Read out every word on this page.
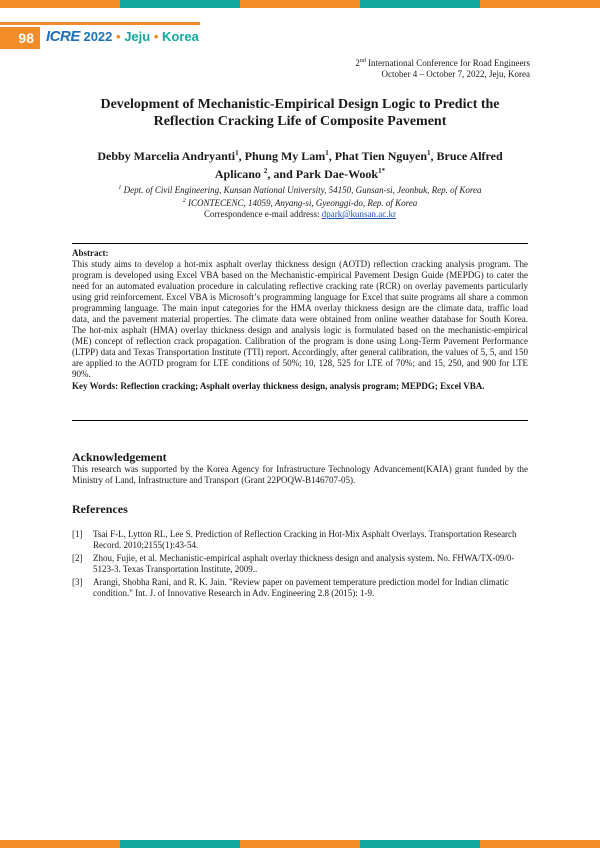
98 ICRE 2022 • Jeju • Korea
2nd International Conference for Road Engineers
October 4 – October 7, 2022, Jeju, Korea
Development of Mechanistic-Empirical Design Logic to Predict the
Reflection Cracking Life of Composite Pavement
Debby Marcelia Andryanti$^1$, Phung My Lam$^1$, Phat Tien Nguyen$^1$, Bruce Alfred Aplicano $^2$, and Park Dae-Wook$^{1*}$
$^1$ Dept. of Civil Engineering, Kunsan National University, 54150, Gunsan-si, Jeonbuk, Rep. of Korea
$^2$ ICONTECENC, 14059, Anyang-si, Gyeonggi-do, Rep. of Korea
Correspondence e-mail address: dpark@kunsan.ac.kr
Abstract:

This study aims to develop a hot-mix asphalt overlay thickness design (AOTD) reflection cracking analysis program. The program is developed using Excel VBA based on the Mechanistic-empirical Pavement Design Guide (MEPDG) to cater the need for an automated evaluation procedure in calculating reflective cracking rate (RCR) on overlay pavements particularly using grid reinforcement. Excel VBA is Microsoft’s programming language for Excel that suite programs all share a common programming language. The main input categories for the HMA overlay thickness design are the climate data, traffic load data, and the pavement material properties. The climate data were obtained from online weather database for South Korea. The hot-mix asphalt (HMA) overlay thickness design and analysis logic is formulated based on the mechanistic-empirical (ME) concept of reflection crack propagation. Calibration of the program is done using Long-Term Pavement Performance (LTPP) data and Texas Transportation Institute (TTI) report. Accordingly, after general calibration, the values of 5, 5, and 150 are applied to the AOTD program for LTE conditions of 50%; 10, 128, 525 for LTE of 70%; and 15, 250, and 900 for LTE 90%.

Key Words: Reflection cracking; Asphalt overlay thickness design, analysis program; MEPDG; Excel VBA.
Acknowledgement

This research was supported by the Korea Agency for Infrastructure Technology Advancement(KAIA) grant funded by the Ministry of Land, Infrastructure and Transport (Grant 22POQW-B146707-05).

References
[1]	Tsai F-L, Lytton RL, Lee S. Prediction of Reflection Cracking in Hot-Mix Asphalt Overlays. Transportation Research Record. 2010;2155(1):43-54.
[2]	Zhou, Fujie, et al. Mechanistic-empirical asphalt overlay thickness design and analysis system. No. FHWA/TX-09/0-5123-3. Texas Transportation Institute, 2009..
[3]	Arangi, Shobha Rani, and R. K. Jain. "Review paper on pavement temperature prediction model for Indian climatic condition." Int. J. of Innovative Research in Adv. Engineering 2.8 (2015): 1-9.
